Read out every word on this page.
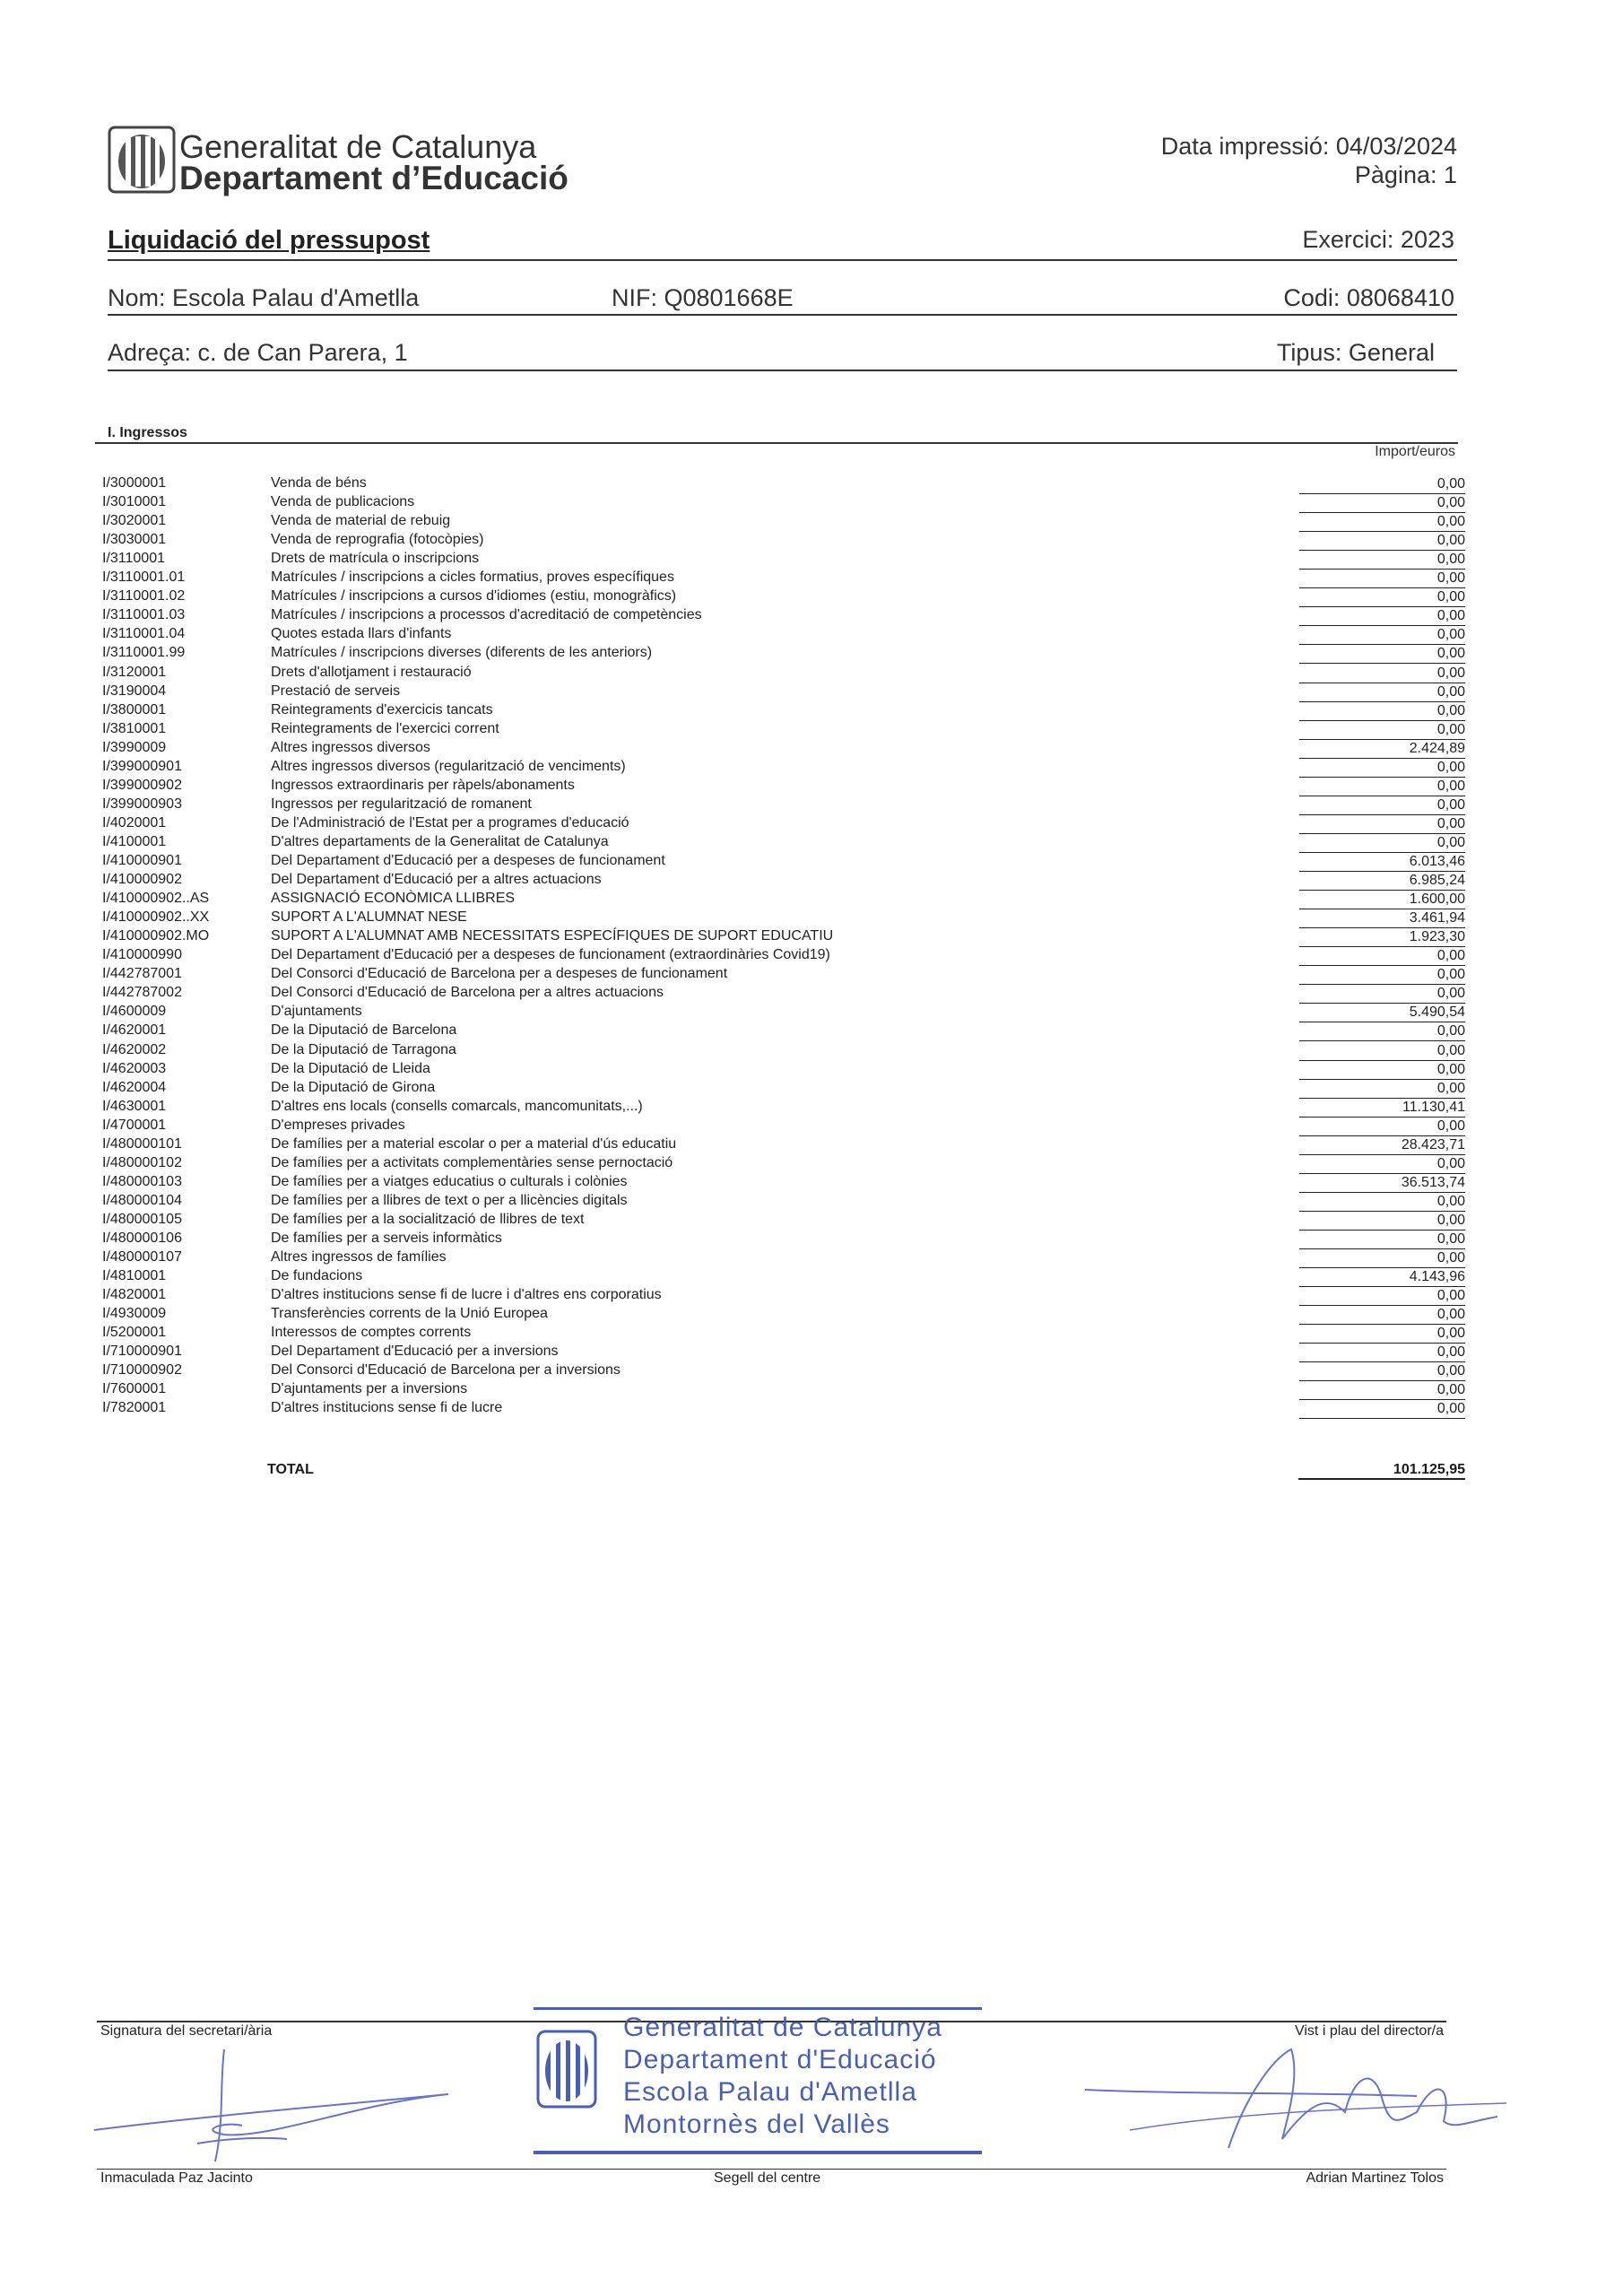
Generalitat de Catalunya
Departament d’Educació
Data impressió: 04/03/2024
Pàgina: 1
Liquidació del pressupost	Exercici: 2023
Nom: Escola Palau d'Ametlla	NIF: Q0801668E	Codi: 08068410
Adreça: c. de Can Parera, 1	Tipus: General
I. Ingressos
Import/euros
I/3000001	Venda de béns	0,00
I/3010001	Venda de publicacions	0,00
I/3020001	Venda de material de rebuig	0,00
I/3030001	Venda de reprografia (fotocòpies)	0,00
I/3110001	Drets de matrícula o inscripcions	0,00
I/3110001.01	Matrícules / inscripcions a cicles formatius, proves específiques	0,00
I/3110001.02	Matrícules / inscripcions a cursos d'idiomes (estiu, monogràfics)	0,00
I/3110001.03	Matrícules / inscripcions a processos d'acreditació de competències	0,00
I/3110001.04	Quotes estada llars d'infants	0,00
I/3110001.99	Matrícules / inscripcions diverses (diferents de les anteriors)	0,00
I/3120001	Drets d'allotjament i restauració	0,00
I/3190004	Prestació de serveis	0,00
I/3800001	Reintegraments d'exercicis tancats	0,00
I/3810001	Reintegraments de l'exercici corrent	0,00
I/3990009	Altres ingressos diversos	2.424,89
I/399000901	Altres ingressos diversos (regularització de venciments)	0,00
I/399000902	Ingressos extraordinaris per ràpels/abonaments	0,00
I/399000903	Ingressos per regularització de romanent	0,00
I/4020001	De l'Administració de l'Estat per a programes d'educació	0,00
I/4100001	D'altres departaments de la Generalitat de Catalunya	0,00
I/410000901	Del Departament d'Educació per a despeses de funcionament	6.013,46
I/410000902	Del Departament d'Educació per a altres actuacions	6.985,24
I/410000902..AS	ASSIGNACIÓ ECONÒMICA LLIBRES	1.600,00
I/410000902..XX	SUPORT A L'ALUMNAT NESE	3.461,94
I/410000902.MO	SUPORT A L'ALUMNAT AMB NECESSITATS ESPECÍFIQUES DE SUPORT EDUCATIU	1.923,30
I/410000990	Del Departament d'Educació per a despeses de funcionament (extraordinàries Covid19)	0,00
I/442787001	Del Consorci d'Educació de Barcelona per a despeses de funcionament	0,00
I/442787002	Del Consorci d'Educació de Barcelona per a altres actuacions	0,00
I/4600009	D'ajuntaments	5.490,54
I/4620001	De la Diputació de Barcelona	0,00
I/4620002	De la Diputació de Tarragona	0,00
I/4620003	De la Diputació de Lleida	0,00
I/4620004	De la Diputació de Girona	0,00
I/4630001	D'altres ens locals (consells comarcals, mancomunitats,...)	11.130,41
I/4700001	D'empreses privades	0,00
I/480000101	De famílies per a material escolar o per a material d'ús educatiu	28.423,71
I/480000102	De famílies per a activitats complementàries sense pernoctació	0,00
I/480000103	De famílies per a viatges educatius o culturals i colònies	36.513,74
I/480000104	De famílies per a llibres de text o per a llicències digitals	0,00
I/480000105	De famílies per a la socialització de llibres de text	0,00
I/480000106	De famílies per a serveis informàtics	0,00
I/480000107	Altres ingressos de famílies	0,00
I/4810001	De fundacions	4.143,96
I/4820001	D'altres institucions sense fi de lucre i d'altres ens corporatius	0,00
I/4930009	Transferències corrents de la Unió Europea	0,00
I/5200001	Interessos de comptes corrents	0,00
I/710000901	Del Departament d'Educació per a inversions	0,00
I/710000902	Del Consorci d'Educació de Barcelona per a inversions	0,00
I/7600001	D'ajuntaments per a inversions	0,00
I/7820001	D'altres institucions sense fi de lucre	0,00
TOTAL	101.125,95
Signatura del secretari/ària	Vist i plau del director/a
Generalitat de Catalunya
Departament d'Educació
Escola Palau d'Ametlla
Montornès del Vallès
Inmaculada Paz Jacinto	Segell del centre	Adrian Martinez Tolos
